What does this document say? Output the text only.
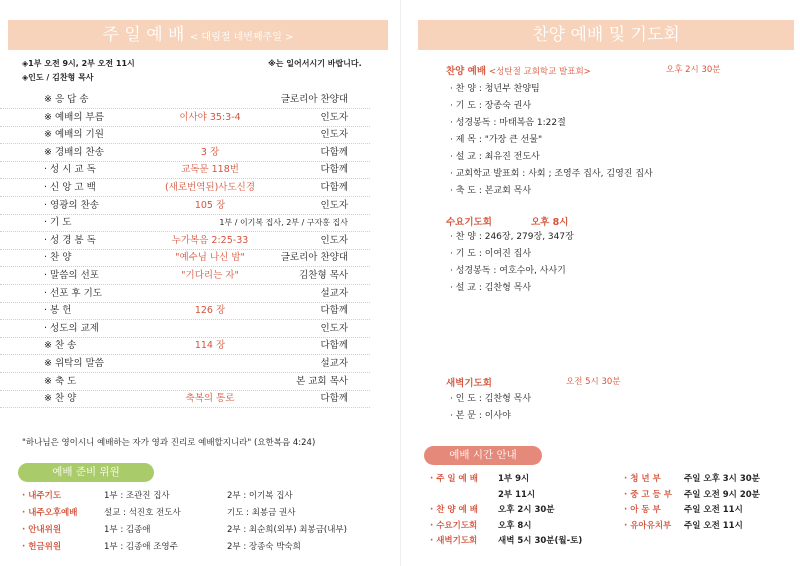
주 일 예 배 < 대림절 네번째주일 >
◈1부 오전 9시, 2부 오전 11시	※는 일어서시기 바랍니다.
◈인도 / 김찬형 목사
※ 응 답 송	글로리아 찬양대
※ 예배의 부름	이사야 35:3-4	인도자
※ 예배의 기원	인도자
※ 경배의 찬송	3 장	다함께
· 성 시 교 독	교독문 118번	다함께
· 신 앙 고 백	(새로번역된)사도신경	다함께
· 영광의 찬송	105 장	인도자
· 기 도	1부 / 이기복 집사, 2부 / 구자홍 집사
· 성 경 봉 독	누가복음 2:25-33	인도자
· 찬 양	"예수님 나신 밤"	글로리아 찬양대
· 말씀의 선포	"기다리는 자"	김찬형 목사
· 선포 후 기도	설교자
· 봉 헌	126 장	다함께
· 성도의 교제	인도자
※ 찬 송	114 장	다함께
※ 위탁의 말씀	설교자
※ 축 도	본 교회 목사
※ 찬 양	축복의 통로	다함께
"하나님은 영이시니 예배하는 자가 영과 진리로 예배할지니라" (요한복음 4:24)
예배 준비 위원
· 내주기도	1부 : 조관진 집사	2부 : 이기복 집사
· 내주오후예배	설교 : 석진호 전도사	기도 : 최봉금 권사
· 안내위원	1부 : 김종애	2부 : 최순희(외부) 최봉금(내부)
· 헌금위원	1부 : 김종애 조영주	2부 : 장종숙 박숙희
찬양 예배 및 기도회
찬양 예배 <성탄절 교회학교 발표회>	오후 2시 30분
· 찬 양 : 청년부 찬양팀
· 기 도 : 장종숙 권사
· 성경봉독 : 마태복음 1:22절
· 제 목 : "가장 큰 선물"
· 설 교 : 최유진 전도사
· 교회학교 발표회 : 사회 ; 조영주 집사, 김영진 집사
· 축 도 : 본교회 목사
수요기도회	오후 8시
· 찬 양 : 246장, 279장, 347장
· 기 도 : 이여진 집사
· 성경봉독 : 여호수아, 사사기
· 설 교 : 김찬형 목사
새벽기도회	오전 5시 30분
· 인 도 : 김찬형 목사
· 본 문 : 이사야
예배 시간 안내
· 주 일 예 배 1부 9시
2부 11시
· 찬 양 예 배 오후 2시 30분
· 수요기도회 오후 8시
· 새벽기도회 새벽 5시 30분(월-토)
· 청 년 부	주일 오후 3시 30분
· 중 고 등 부 주일 오전 9시 20분
· 아 동 부	주일 오전 11시
· 유아유치부 주일 오전 11시
